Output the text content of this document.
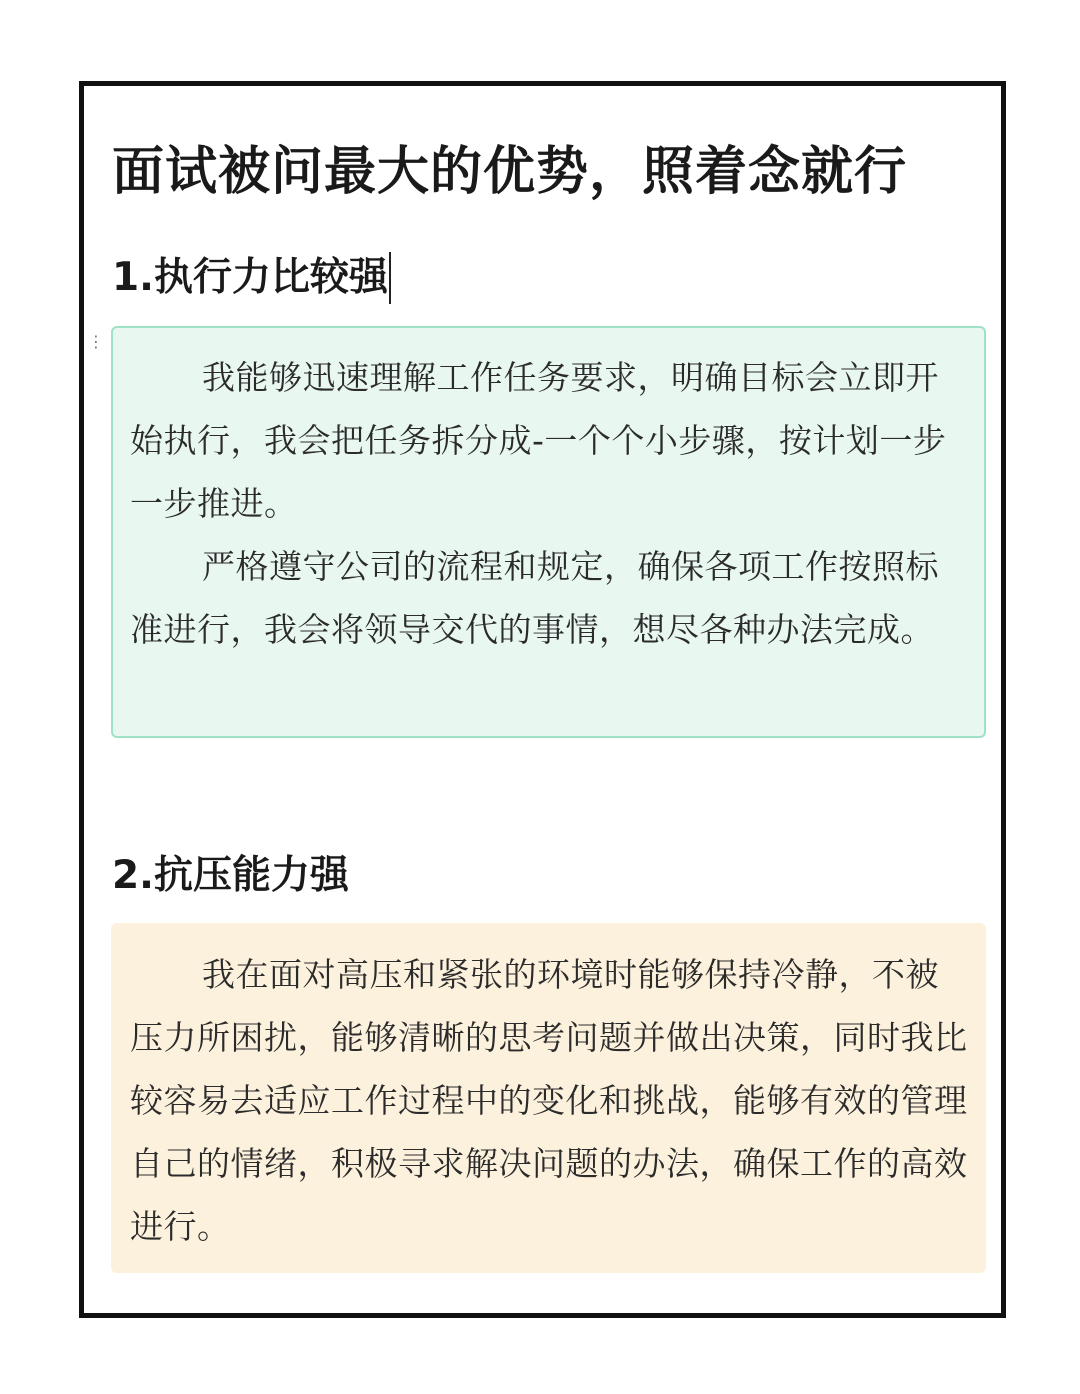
面试被问最大的优势，照着念就行
1.执行力比较强
⋮

我能够迅速理解工作任务要求，明确目标会立即开始执行，我会把任务拆分成-一个个小步骤，按计划一步一步推进。

严格遵守公司的流程和规定，确保各项工作按照标准进行，我会将领导交代的事情，想尽各种办法完成。

2.抗压能力强

我在面对高压和紧张的环境时能够保持冷静，不被压力所困扰，能够清晰的思考问题并做出决策，同时我比较容易去适应工作过程中的变化和挑战，能够有效的管理自己的情绪，积极寻求解决问题的办法，确保工作的高效进行。
